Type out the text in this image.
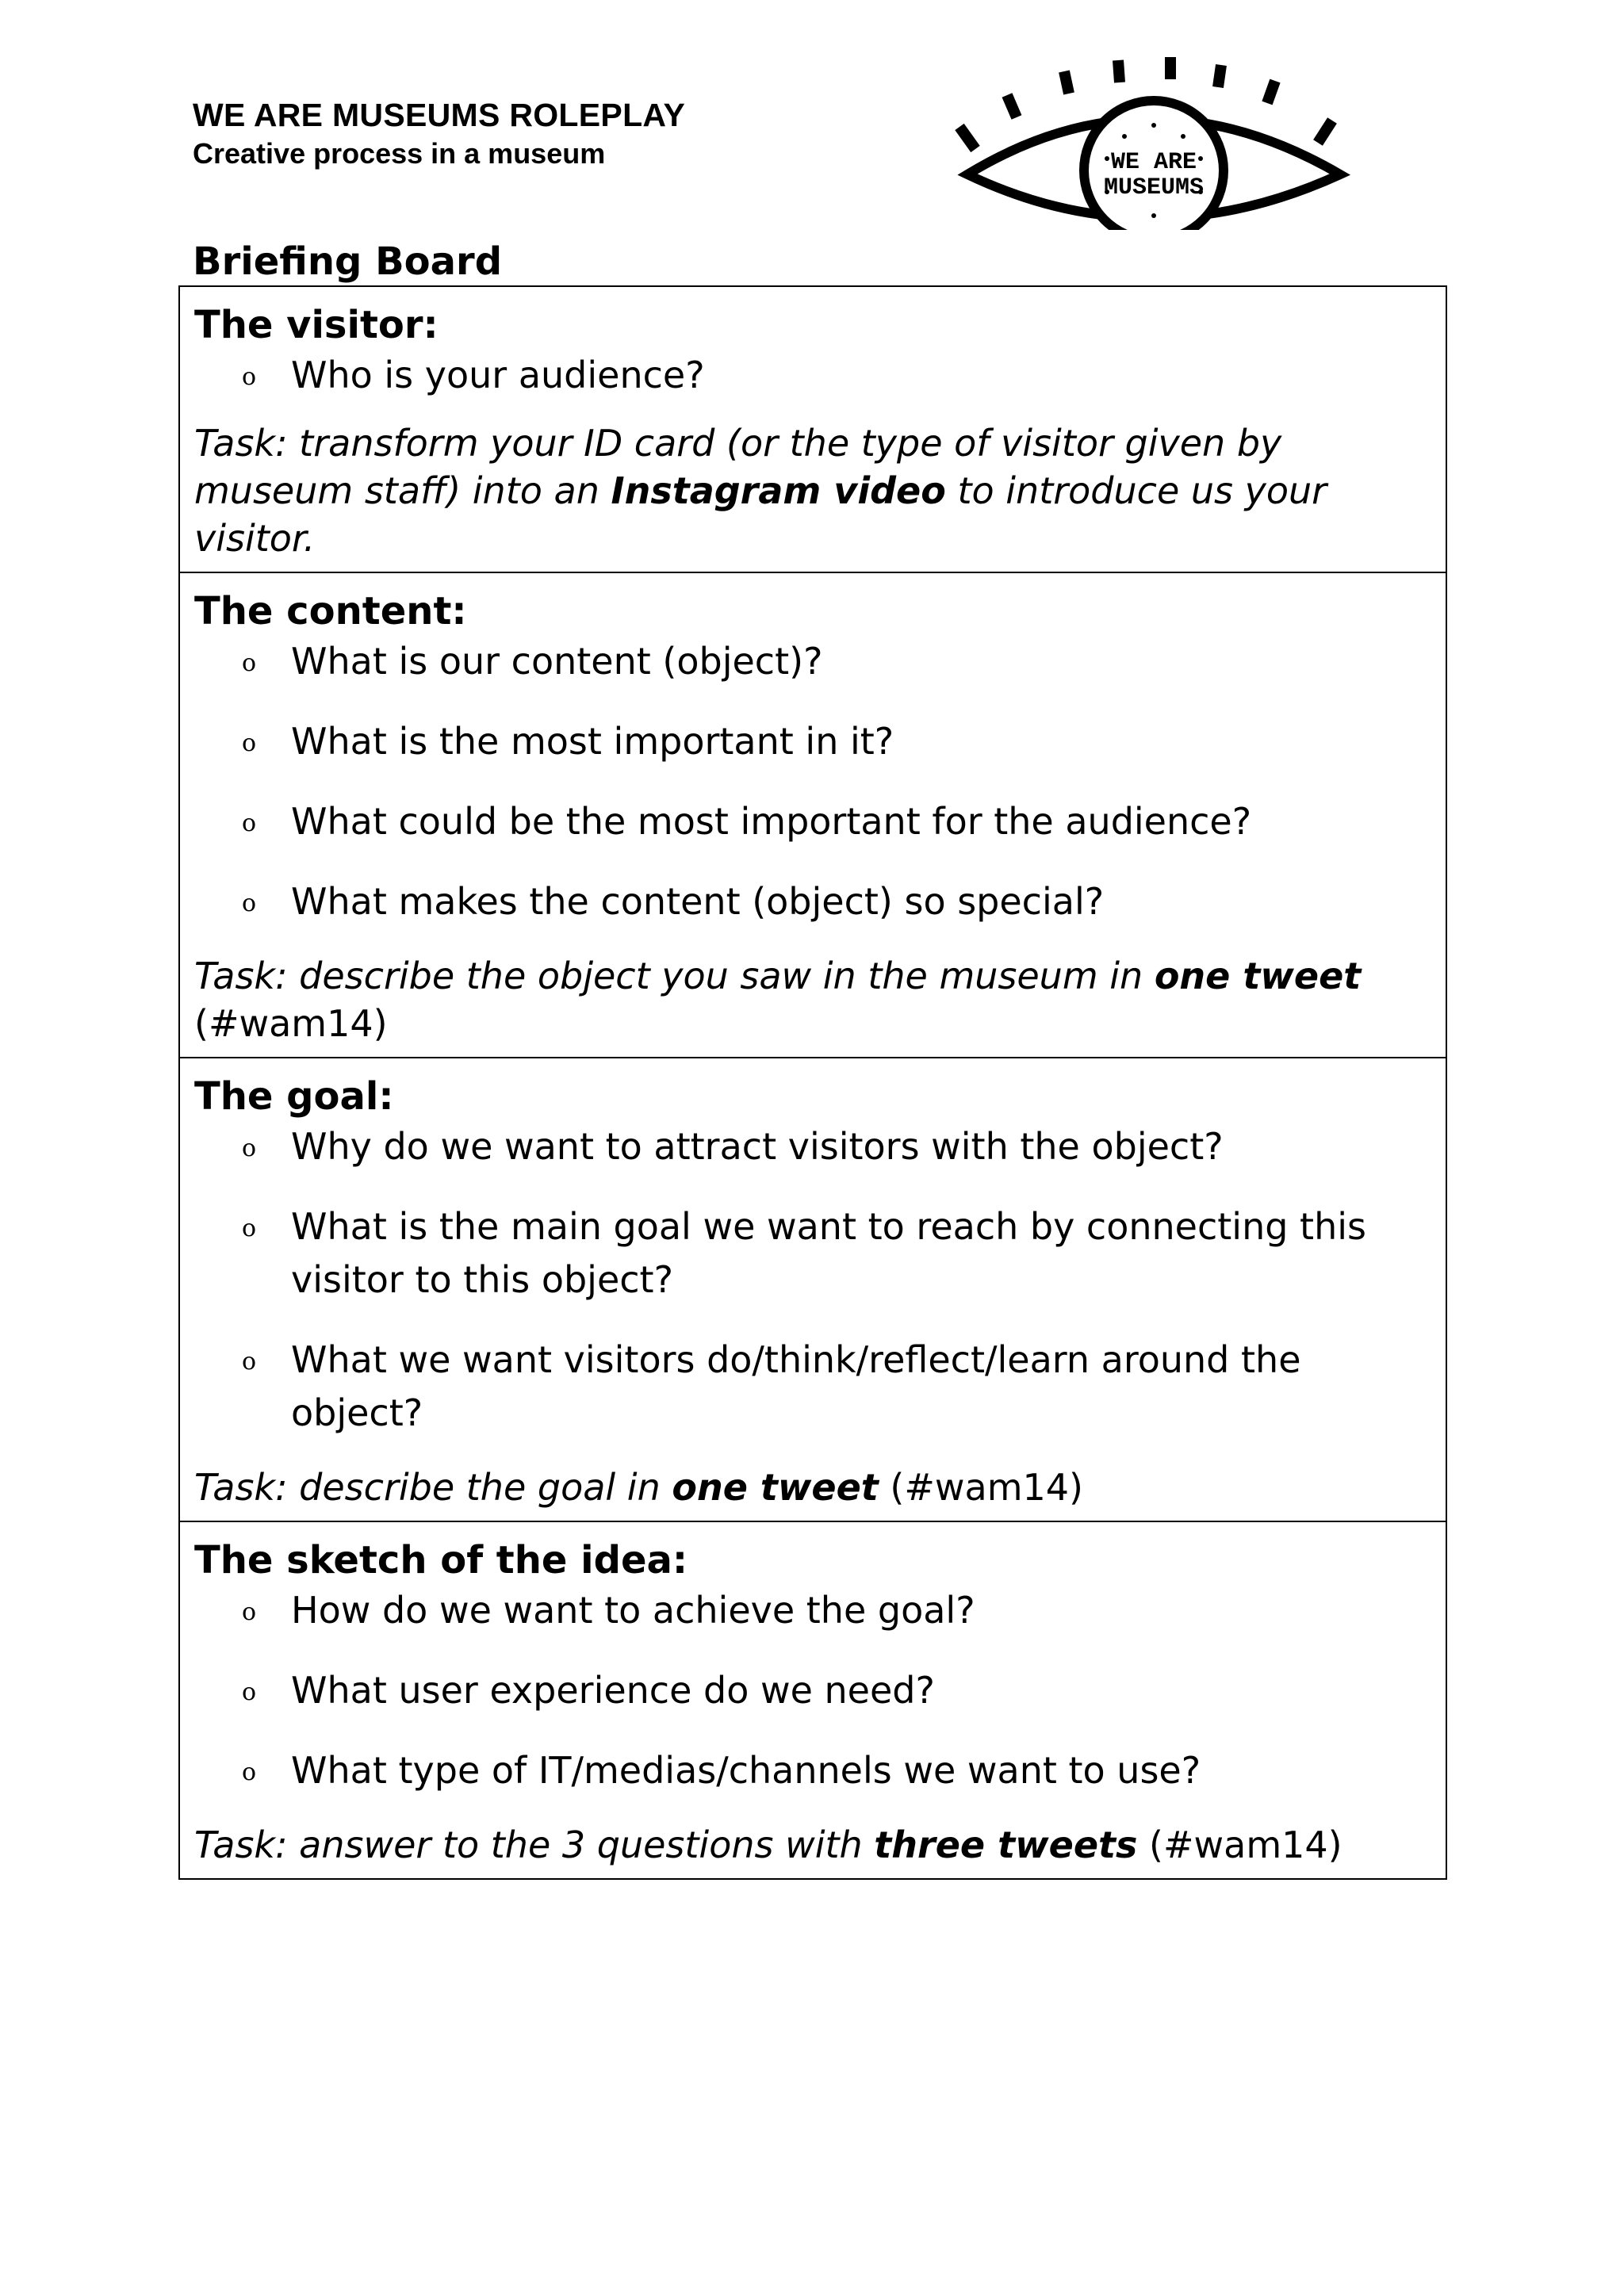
WE ARE MUSEUMS ROLEPLAY
Creative process in a museum	WE ARE
MUSEUMS
Briefing Board
The visitor:
o Who is your audience?
Task: transform your ID card (or the type of visitor given by museum staff) into an Instagram video to introduce us your visitor.
The content:
o What is our content (object)?
o What is the most important in it?
o What could be the most important for the audience?
o What makes the content (object) so special?
Task: describe the object you saw in the museum in one tweet
(#wam14)
The goal:
o Why do we want to attract visitors with the object?
o What is the main goal we want to reach by connecting this visitor to this object?
o What we want visitors do/think/reflect/learn around the object?
Task: describe the goal in one tweet (#wam14)
The sketch of the idea:
o How do we want to achieve the goal?
o What user experience do we need?
o What type of IT/medias/channels we want to use?
Task: answer to the 3 questions with three tweets (#wam14)
